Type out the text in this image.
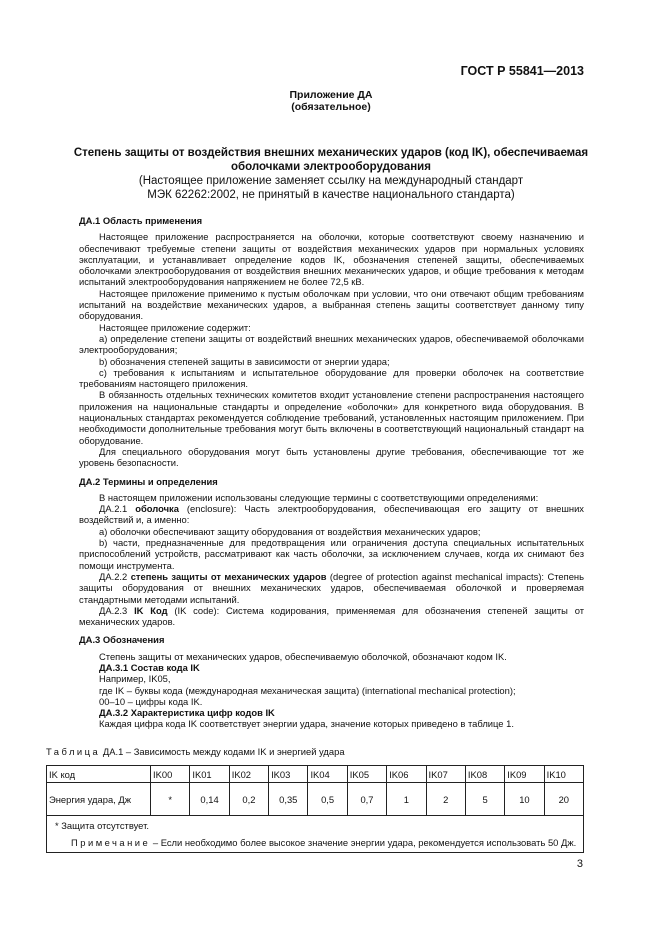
ГОСТ Р 55841—2013
Приложение ДА
(обязательное)
Степень защиты от воздействия внешних механических ударов (код IK), обеспечиваемая
оболочками электрооборудования
(Настоящее приложение заменяет ссылку на международный стандарт
МЭК 62262:2002, не принятый в качестве национального стандарта)

ДА.1 Область применения

Настоящее приложение распространяется на оболочки, которые соответствуют своему назначению и обеспечивают требуемые степени защиты от воздействия механических ударов при нормальных условиях эксплуатации, и устанавливает определение кодов IK, обозначения степеней защиты, обеспечиваемых оболочками электрооборудования от воздействия внешних механических ударов, и общие требования к методам испытаний электрооборудования напряжением не более 72,5 кВ.

Настоящее приложение применимо к пустым оболочкам при условии, что они отвечают общим требованиям испытаний на воздействие механических ударов, а выбранная степень защиты соответствует данному типу оборудования.

Настоящее приложение содержит:

а) определение степени защиты от воздействий внешних механических ударов, обеспечиваемой оболочками электрооборудования;

b) обозначения степеней защиты в зависимости от энергии удара;

с) требования к испытаниям и испытательное оборудование для проверки оболочек на соответствие требованиям настоящего приложения.

В обязанность отдельных технических комитетов входит установление степени распространения настоящего приложения на национальные стандарты и определение «оболочки» для конкретного вида оборудования. В национальных стандартах рекомендуется соблюдение требований, установленных настоящим приложением. При необходимости дополнительные требования могут быть включены в соответствующий национальный стандарт на оборудование.

Для специального оборудования могут быть установлены другие требования, обеспечивающие тот же уровень безопасности.

ДА.2 Термины и определения

В настоящем приложении использованы следующие термины с соответствующими определениями:

ДА.2.1 оболочка (enclosure): Часть электрооборудования, обеспечивающая его защиту от внешних воздействий и, а именно:

а) оболочки обеспечивают защиту оборудования от воздействия механических ударов;

b) части, предназначенные для предотвращения или ограничения доступа специальных испытательных приспособлений устройств, рассматривают как часть оболочки, за исключением случаев, когда их снимают без помощи инструмента.

ДА.2.2 степень защиты от механических ударов (degree of protection against mechanical impacts): Степень защиты оборудования от внешних механических ударов, обеспечиваемая оболочкой и проверяемая стандартными методами испытаний.

ДА.2.3 IK Код (IK code): Система кодирования, применяемая для обозначения степеней защиты от механических ударов.

ДА.3 Обозначения

Степень защиты от механических ударов, обеспечиваемую оболочкой, обозначают кодом IK.

ДА.3.1 Состав кода IK

Например, IK05,

где IK – буквы кода (международная механическая защита) (international mechanical protection);

00–10 – цифры кода IK.

ДА.3.2 Характеристика цифр кодов IK

Каждая цифра кода IK соответствует энергии удара, значение которых приведено в таблице 1.

Таблица ДА.1 – Зависимость между кодами IK и энергией удара
IK код	IK00	IK01	IK02	IK03	IK04	IK05	IK06	IK07	IK08	IK09	IK10
Энергия удара, Дж	*	0,14	0,2	0,35	0,5	0,7	1	2	5	10	20

* Защита отсутствует.

Примечание – Если необходимо более высокое значение энергии удара, рекомендуется использовать 50 Дж.											

3
